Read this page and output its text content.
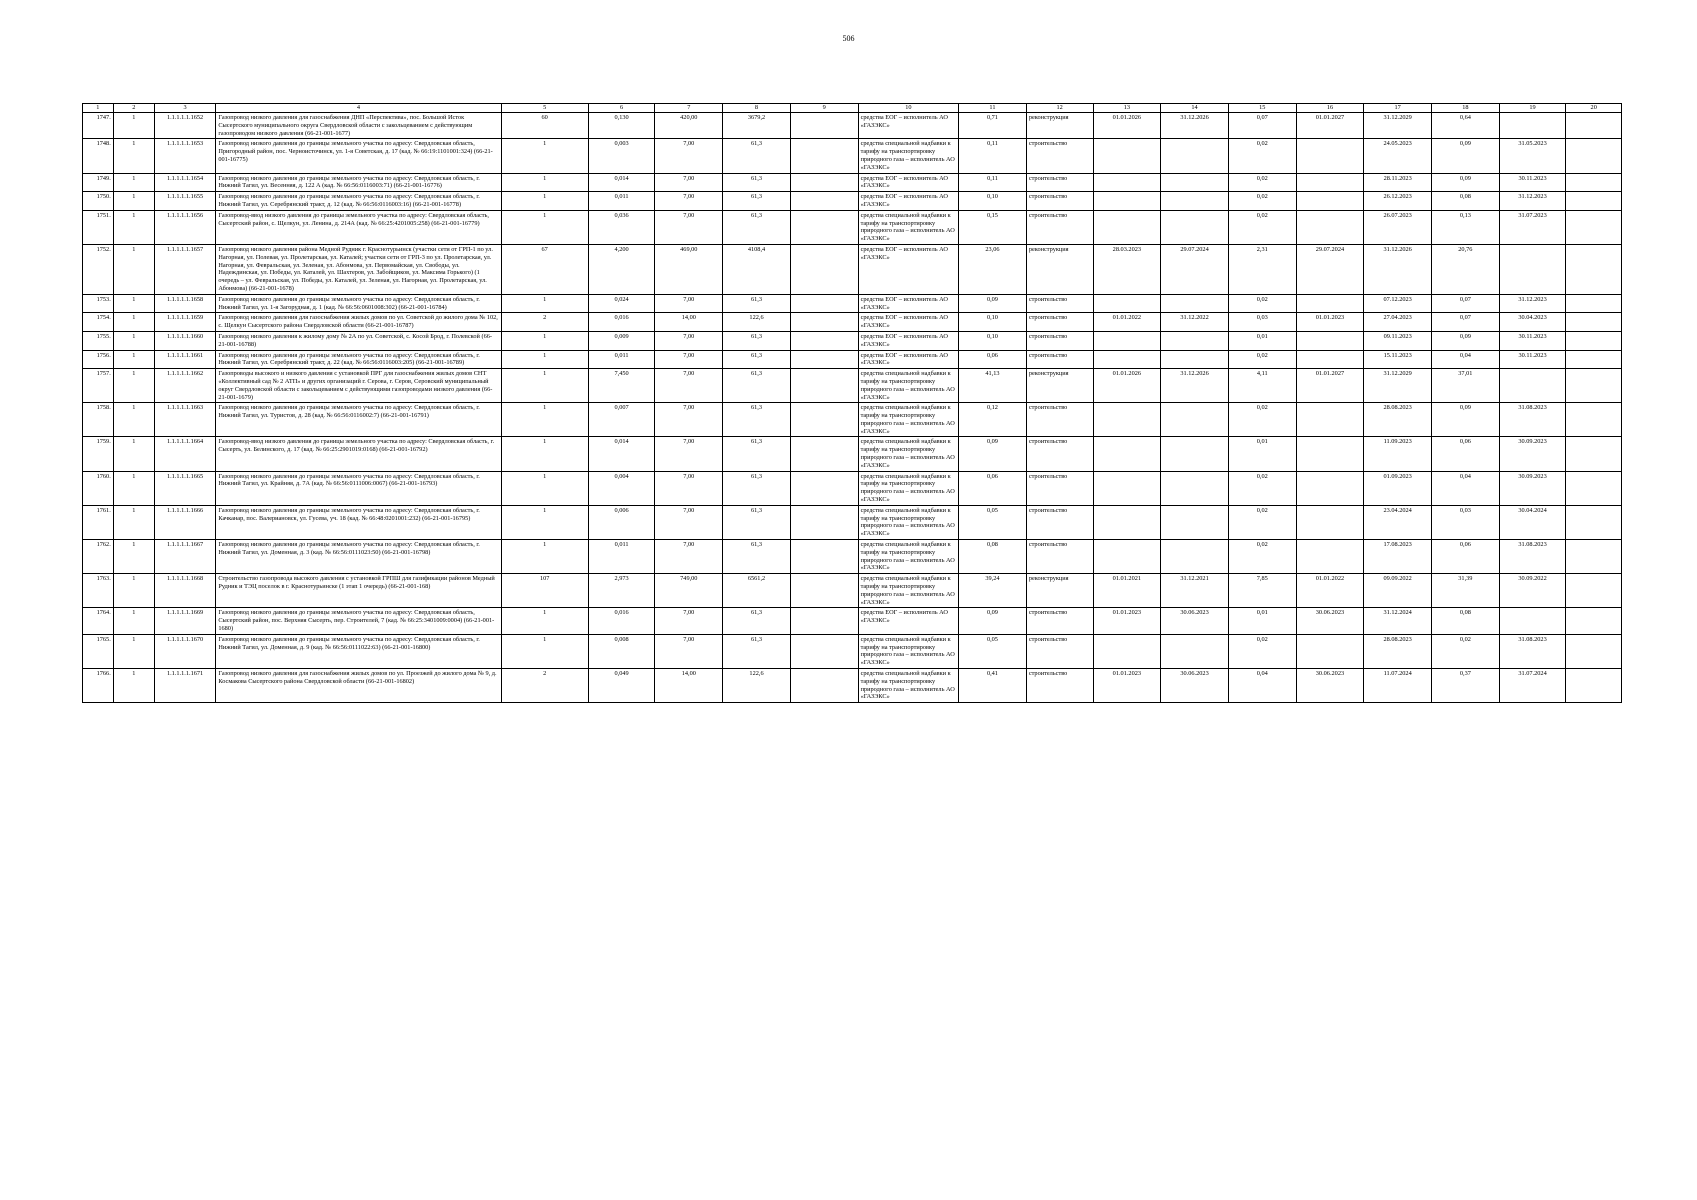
506
1	2	3	4	5	6	7	8	9	10	11	12	13	14	15	16	17	18	19	20
1747.	1	1.1.1.1.1.1652	Газопровод низкого давления для газоснабжения ДНП «Перспектива», пос. Большой Исток Сысертского муниципального округа Свердловской области с закольцеванием с действующим газопроводом низкого давления (66-21-001-1677)	60	0,130	420,00	3679,2		средства ЕОГ – исполнитель АО «ГАЗЭКС»	0,71	реконструкция	01.01.2026	31.12.2026	0,07	01.01.2027	31.12.2029	0,64		
1748.	1	1.1.1.1.1.1653	Газопровод низкого давления до границы земельного участка по адресу: Свердловская область, Пригородный район, пос. Черноисточинск, ул. 1-я Советская, д. 17 (кад. № 66:19:1101001:324) (66-21-001-16775)	1	0,003	7,00	61,3		средства специальной надбавки к тарифу на транспортировку природного газа – исполнитель АО «ГАЗЭКС»	0,11	строительство			0,02		24.05.2023	0,09	31.05.2023	
1749.	1	1.1.1.1.1.1654	Газопровод низкого давления до границы земельного участка по адресу: Свердловская область, г. Нижний Тагил, ул. Весенняя, д. 122 А (кад. № 66:56:0116003:71) (66-21-001-16776)	1	0,014	7,00	61,3		средства ЕОГ – исполнитель АО «ГАЗЭКС»	0,11	строительство			0,02		28.11.2023	0,09	30.11.2023	
1750.	1	1.1.1.1.1.1655	Газопровод низкого давления до границы земельного участка по адресу: Свердловская область, г. Нижний Тагил, ул. Серебрянский тракт, д. 12 (кад. № 66:56:0116003:16) (66-21-001-16778)	1	0,011	7,00	61,3		средства ЕОГ – исполнитель АО «ГАЗЭКС»	0,10	строительство			0,02		26.12.2023	0,08	31.12.2023	
1751.	1	1.1.1.1.1.1656	Газопровод-ввод низкого давления до границы земельного участка по адресу: Свердловская область, Сысертский район, с. Щелкун, ул. Ленина, д. 214А (кад. № 66:25:4201005:258) (66-21-001-16779)	1	0,036	7,00	61,3		средства специальной надбавки к тарифу на транспортировку природного газа – исполнитель АО «ГАЗЭКС»	0,15	строительство			0,02		26.07.2023	0,13	31.07.2023	
1752.	1	1.1.1.1.1.1657	Газопровод низкого давления района Медной Рудник г. Краснотурьинск (участки сети от ГРП-1 по ул. Нагорная, ул. Полевая, ул. Пролетарская, ул. Каталей; участки сети от ГРП-3 по ул. Пролетарская, ул. Нагорная, ул. Февральская, ул. Зеленая, ул. Абонмова, ул. Первомайская, ул. Свободы, ул. Надеждинская, ул. Победы, ул. Каталей, ул. Шахтеров, ул. Забойщиков, ул. Максима Горького) (1 очередь – ул. Февральская, ул. Победы, ул. Каталей, ул. Зеленая, ул. Нагорная, ул. Пролетарская, ул. Абонмова) (66-21-001-1678)	67	4,200	469,00	4108,4		средства ЕОГ – исполнитель АО «ГАЗЭКС»	23,06	реконструкция	28.03.2023	29.07.2024	2,31	29.07.2024	31.12.2026	20,76		
1753.	1	1.1.1.1.1.1658	Газопровод низкого давления до границы земельного участка по адресу: Свердловская область, г. Нижний Тагил, ул. 1-я Загорудная, д. 1 (кад. № 66:56:0601008:302) (66-21-001-16784)	1	0,024	7,00	61,3		средства ЕОГ – исполнитель АО «ГАЗЭКС»	0,09	строительство			0,02		07.12.2023	0,07	31.12.2023	
1754.	1	1.1.1.1.1.1659	Газопровод низкого давления для газоснабжения жилых домов по ул. Советской до жилого дома № 102, с. Щелкун Сысертского района Свердловской области (66-21-001-16787)	2	0,016	14,00	122,6		средства ЕОГ – исполнитель АО «ГАЗЭКС»	0,10	строительство	01.01.2022	31.12.2022	0,03	01.01.2023	27.04.2023	0,07	30.04.2023	
1755.	1	1.1.1.1.1.1660	Газопровод низкого давления к жилому дому № 2А по ул. Советской, с. Косой Брод, г. Полевской (66-21-001-16788)	1	0,009	7,00	61,3		средства ЕОГ – исполнитель АО «ГАЗЭКС»	0,10	строительство			0,01		09.11.2023	0,09	30.11.2023	
1756.	1	1.1.1.1.1.1661	Газопровод низкого давления до границы земельного участка по адресу: Свердловская область, г. Нижний Тагил, ул. Серебрянский тракт, д. 22 (кад. № 66:56:0116003:205) (66-21-001-16789)	1	0,011	7,00	61,3		средства ЕОГ – исполнитель АО «ГАЗЭКС»	0,06	строительство			0,02		15.11.2023	0,04	30.11.2023	
1757.	1	1.1.1.1.1.1662	Газопроводы высокого и низкого давления с установкой ПРГ для газоснабжения жилых домов СНТ «Коллективный сад № 2 АТП» и других организаций г. Серова, г. Серов, Серовский муниципальный округ Свердловской области с закольцеванием с действующими газопроводами низкого давления (66-21-001-1679)	1	7,450	7,00	61,3		средства специальной надбавки к тарифу на транспортировку природного газа – исполнитель АО «ГАЗЭКС»	41,13	реконструкция	01.01.2026	31.12.2026	4,11	01.01.2027	31.12.2029	37,01		
1758.	1	1.1.1.1.1.1663	Газопровод низкого давления до границы земельного участка по адресу: Свердловская область, г. Нижний Тагил, ул. Туристов, д. 28 (кад. № 66:56:0116002:7) (66-21-001-16791)	1	0,007	7,00	61,3		средства специальной надбавки к тарифу на транспортировку природного газа – исполнитель АО «ГАЗЭКС»	0,12	строительство			0,02		28.08.2023	0,09	31.08.2023	
1759.	1	1.1.1.1.1.1664	Газопровод-ввод низкого давления до границы земельного участка по адресу: Свердловская область, г. Сысерть, ул. Белинского, д. 17 (кад. № 66:25:2901019:0168) (66-21-001-16792)	1	0,014	7,00	61,3		средства специальной надбавки к тарифу на транспортировку природного газа – исполнитель АО «ГАЗЭКС»	0,09	строительство			0,01		11.09.2023	0,06	30.09.2023	
1760.	1	1.1.1.1.1.1665	Газопровод низкого давления до границы земельного участка по адресу: Свердловская область, г. Нижний Тагил, ул. Крайняя, д. 7А (кад. № 66:56:0111006:0067) (66-21-001-16793)	1	0,004	7,00	61,3		средства специальной надбавки к тарифу на транспортировку природного газа – исполнитель АО «ГАЗЭКС»	0,06	строительство			0,02		01.09.2023	0,04	30.09.2023	
1761.	1	1.1.1.1.1.1666	Газопровод низкого давления до границы земельного участка по адресу: Свердловская область, г. Качканар, пос. Валериановск, ул. Гусева, уч. 18 (кад. № 66:48:0201001:232) (66-21-001-16795)	1	0,006	7,00	61,3		средства специальной надбавки к тарифу на транспортировку природного газа – исполнитель АО «ГАЗЭКС»	0,05	строительство			0,02		23.04.2024	0,03	30.04.2024	
1762.	1	1.1.1.1.1.1667	Газопровод низкого давления до границы земельного участка по адресу: Свердловская область, г. Нижний Тагил, ул. Доменная, д. 3 (кад. № 66:56:0111023:50) (66-21-001-16798)	1	0,011	7,00	61,3		средства специальной надбавки к тарифу на транспортировку природного газа – исполнитель АО «ГАЗЭКС»	0,08	строительство			0,02		17.08.2023	0,06	31.08.2023	
1763.	1	1.1.1.1.1.1668	Строительство газопровода высокого давления с установкой ГРПШ для газификации районов Медный Рудник и ТЭЦ поселок в г. Краснотурьинске (1 этап 1 очередь) (66-21-001-168)	107	2,973	749,00	6561,2		средства специальной надбавки к тарифу на транспортировку природного газа – исполнитель АО «ГАЗЭКС»	39,24	реконструкция	01.01.2021	31.12.2021	7,85	01.01.2022	09.09.2022	31,39	30.09.2022	
1764.	1	1.1.1.1.1.1669	Газопровод низкого давления до границы земельного участка по адресу: Свердловская область, Сысертский район, пос. Верхняя Сысерть, пер. Строителей, 7 (кад. № 66:25:3401009:0004) (66-21-001-1680)	1	0,016	7,00	61,3		средства ЕОГ – исполнитель АО «ГАЗЭКС»	0,09	строительство	01.01.2023	30.06.2023	0,01	30.06.2023	31.12.2024	0,08		
1765.	1	1.1.1.1.1.1670	Газопровод низкого давления до границы земельного участка по адресу: Свердловская область, г. Нижний Тагил, ул. Доменная, д. 9 (кад. № 66:56:0111022:63) (66-21-001-16800)	1	0,008	7,00	61,3		средства специальной надбавки к тарифу на транспортировку природного газа – исполнитель АО «ГАЗЭКС»	0,05	строительство			0,02		28.08.2023	0,02	31.08.2023	
1766.	1	1.1.1.1.1.1671	Газопровод низкого давления для газоснабжения жилых домов по ул. Проезжей до жилого дома № 9, д. Космакова Сысертского района Свердловской области (66-21-001-16802)	2	0,049	14,00	122,6		средства специальной надбавки к тарифу на транспортировку природного газа – исполнитель АО «ГАЗЭКС»	0,41	строительство	01.01.2023	30.06.2023	0,04	30.06.2023	11.07.2024	0,37	31.07.2024	
